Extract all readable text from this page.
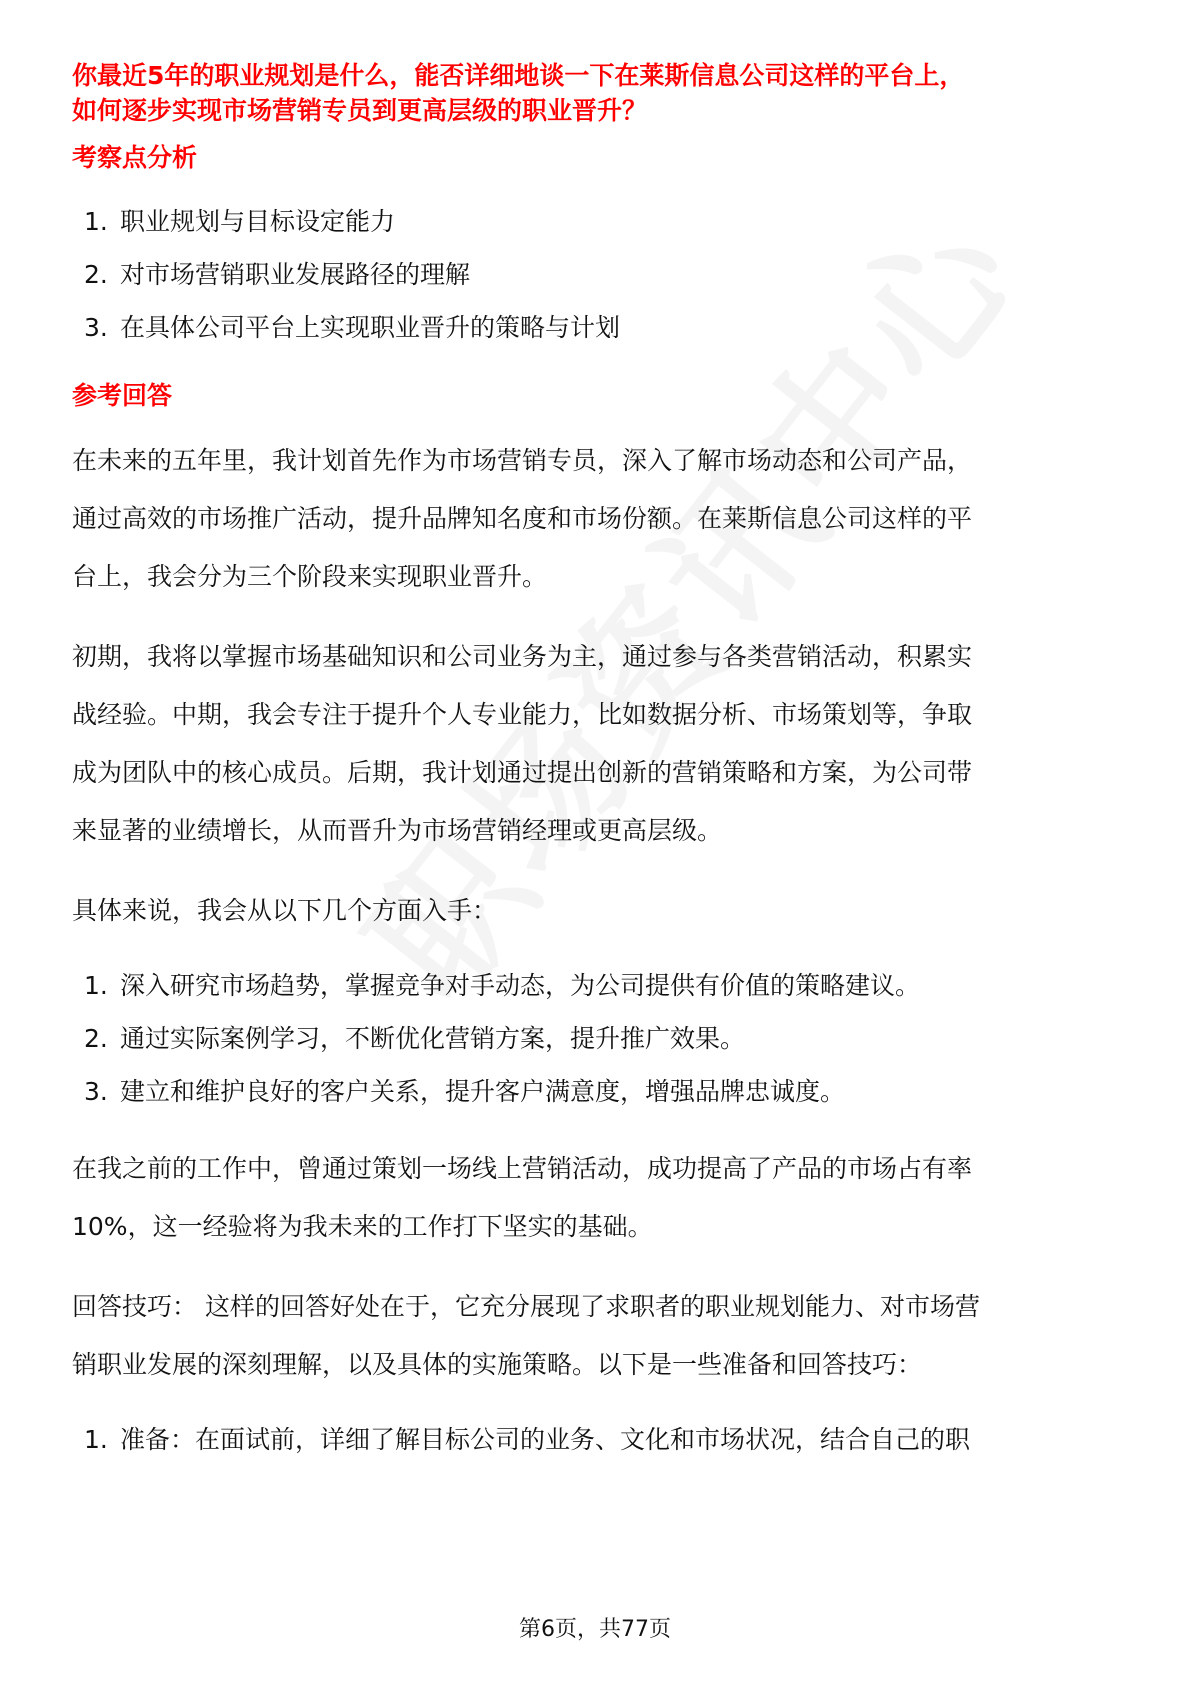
你最近5年的职业规划是什么，能否详细地谈一下在莱斯信息公司这样的平台上，
如何逐步实现市场营销专员到更高层级的职业晋升？
考察点分析
1. 职业规划与目标设定能力
2. 对市场营销职业发展路径的理解
3. 在具体公司平台上实现职业晋升的策略与计划
参考回答
在未来的五年里，我计划首先作为市场营销专员，深入了解市场动态和公司产品，
通过高效的市场推广活动，提升品牌知名度和市场份额。在莱斯信息公司这样的平
台上，我会分为三个阶段来实现职业晋升。
初期，我将以掌握市场基础知识和公司业务为主，通过参与各类营销活动，积累实
战经验。中期，我会专注于提升个人专业能力，比如数据分析、市场策划等，争取
成为团队中的核心成员。后期，我计划通过提出创新的营销策略和方案，为公司带
来显著的业绩增长，从而晋升为市场营销经理或更高层级。
具体来说，我会从以下几个方面入手：
1. 深入研究市场趋势，掌握竞争对手动态，为公司提供有价值的策略建议。
2. 通过实际案例学习，不断优化营销方案，提升推广效果。
3. 建立和维护良好的客户关系，提升客户满意度，增强品牌忠诚度。
在我之前的工作中，曾通过策划一场线上营销活动，成功提高了产品的市场占有率
10%，这一经验将为我未来的工作打下坚实的基础。
回答技巧： 这样的回答好处在于，它充分展现了求职者的职业规划能力、对市场营
销职业发展的深刻理解，以及具体的实施策略。以下是一些准备和回答技巧：
1. 准备：在面试前，详细了解目标公司的业务、文化和市场状况，结合自己的职
第6页，共77页
